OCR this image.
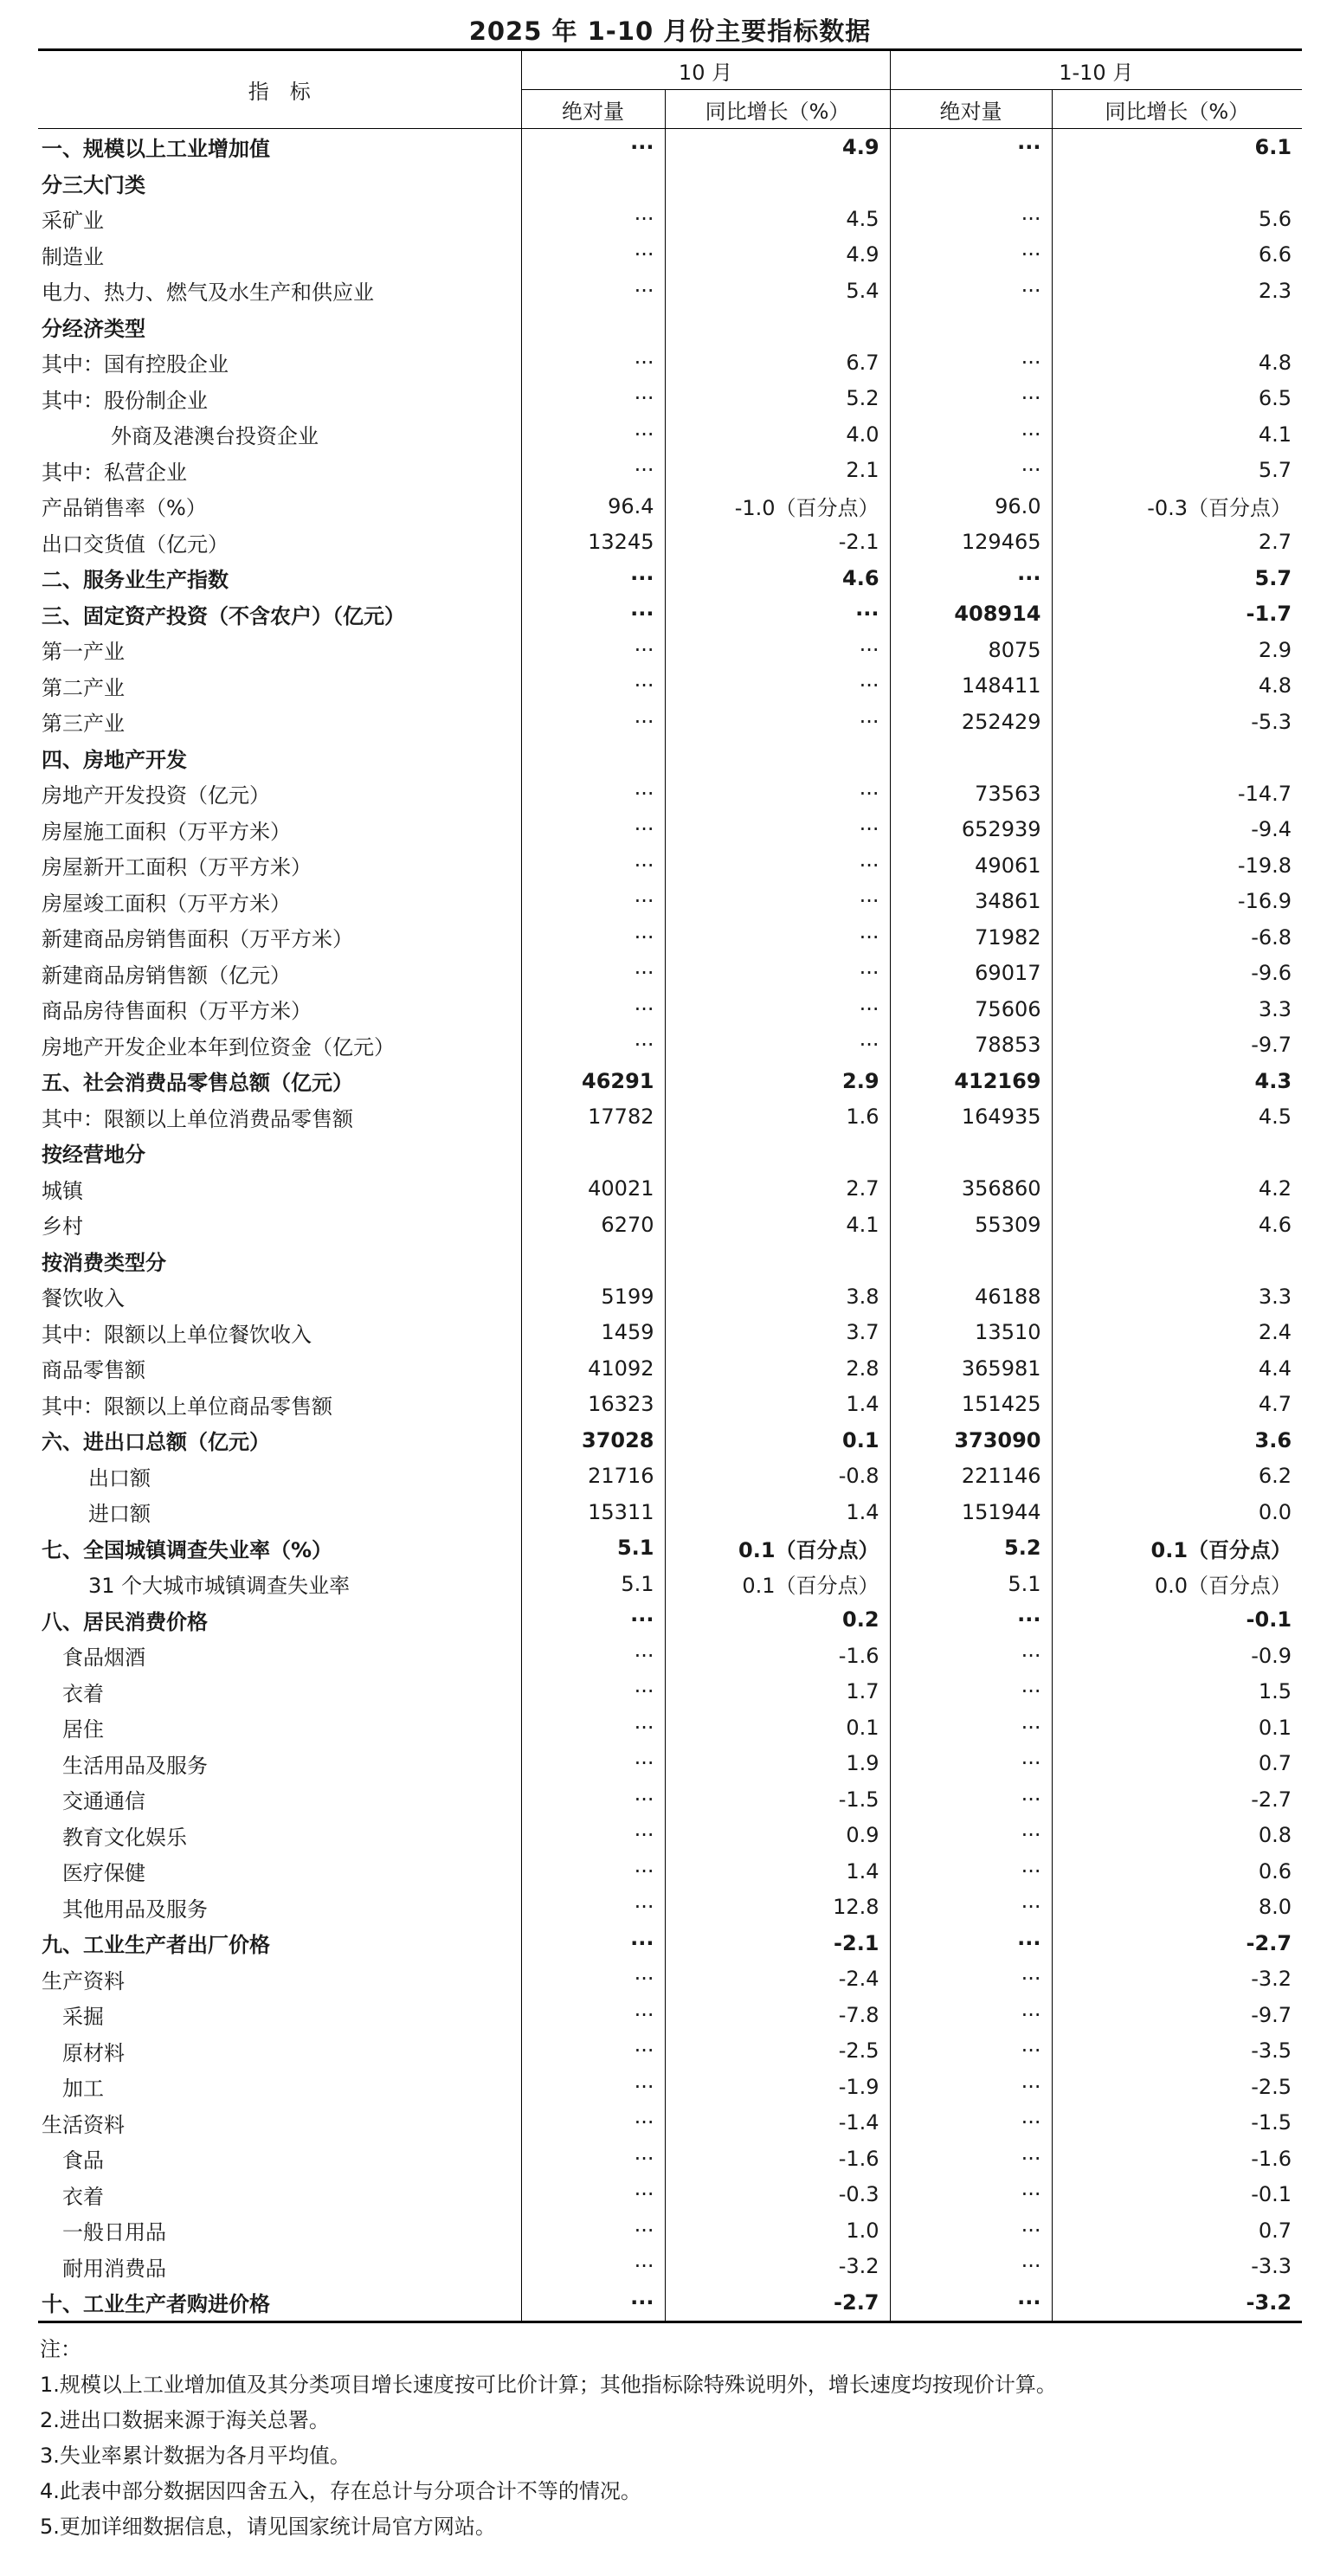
2025 年 1-10 月份主要指标数据
指　标	10 月		1-10 月	
	绝对量	同比增长（%）	绝对量	同比增长（%）
一、规模以上工业增加值	···	4.9	···	6.1
分三大门类				
采矿业	···	4.5	···	5.6
制造业	···	4.9	···	6.6
电力、热力、燃气及水生产和供应业	···	5.4	···	2.3
分经济类型				
其中：国有控股企业	···	6.7	···	4.8
其中：股份制企业	···	5.2	···	6.5
外商及港澳台投资企业	···	4.0	···	4.1
其中：私营企业	···	2.1	···	5.7
产品销售率（%）	96.4	-1.0（百分点）	96.0	-0.3（百分点）
出口交货值（亿元）	13245	-2.1	129465	2.7
二、服务业生产指数	···	4.6	···	5.7
三、固定资产投资（不含农户）（亿元）	···	···	408914	-1.7
第一产业	···	···	8075	2.9
第二产业	···	···	148411	4.8
第三产业	···	···	252429	-5.3
四、房地产开发				
房地产开发投资（亿元）	···	···	73563	-14.7
房屋施工面积（万平方米）	···	···	652939	-9.4
房屋新开工面积（万平方米）	···	···	49061	-19.8
房屋竣工面积（万平方米）	···	···	34861	-16.9
新建商品房销售面积（万平方米）	···	···	71982	-6.8
新建商品房销售额（亿元）	···	···	69017	-9.6
商品房待售面积（万平方米）	···	···	75606	3.3
房地产开发企业本年到位资金（亿元）	···	···	78853	-9.7
五、社会消费品零售总额（亿元）	46291	2.9	412169	4.3
其中：限额以上单位消费品零售额	17782	1.6	164935	4.5
按经营地分				
城镇	40021	2.7	356860	4.2
乡村	6270	4.1	55309	4.6
按消费类型分				
餐饮收入	5199	3.8	46188	3.3
其中：限额以上单位餐饮收入	1459	3.7	13510	2.4
商品零售额	41092	2.8	365981	4.4
其中：限额以上单位商品零售额	16323	1.4	151425	4.7
六、进出口总额（亿元）	37028	0.1	373090	3.6
出口额	21716	-0.8	221146	6.2
进口额	15311	1.4	151944	0.0
七、全国城镇调查失业率（%）	5.1	0.1（百分点）	5.2	0.1（百分点）
31 个大城市城镇调查失业率	5.1	0.1（百分点）	5.1	0.0（百分点）
八、居民消费价格	···	0.2	···	-0.1
食品烟酒	···	-1.6	···	-0.9
衣着	···	1.7	···	1.5
居住	···	0.1	···	0.1
生活用品及服务	···	1.9	···	0.7
交通通信	···	-1.5	···	-2.7
教育文化娱乐	···	0.9	···	0.8
医疗保健	···	1.4	···	0.6
其他用品及服务	···	12.8	···	8.0
九、工业生产者出厂价格	···	-2.1	···	-2.7
生产资料	···	-2.4	···	-3.2
采掘	···	-7.8	···	-9.7
原材料	···	-2.5	···	-3.5
加工	···	-1.9	···	-2.5
生活资料	···	-1.4	···	-1.5
食品	···	-1.6	···	-1.6
衣着	···	-0.3	···	-0.1
一般日用品	···	1.0	···	0.7
耐用消费品	···	-3.2	···	-3.3
十、工业生产者购进价格	···	-2.7	···	-3.2
注：
1.规模以上工业增加值及其分类项目增长速度按可比价计算；其他指标除特殊说明外，增长速度均按现价计算。
2.进出口数据来源于海关总署。
3.失业率累计数据为各月平均值。
4.此表中部分数据因四舍五入，存在总计与分项合计不等的情况。
5.更加详细数据信息，请见国家统计局官方网站。
